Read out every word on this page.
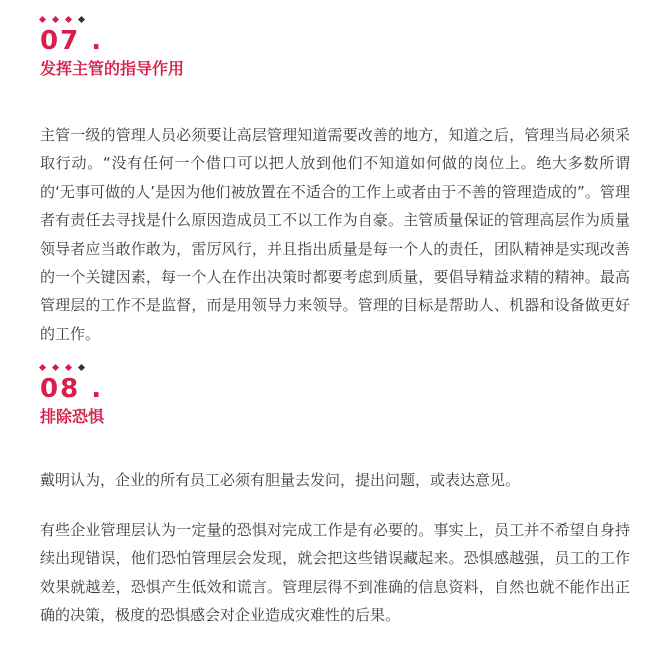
07 .
发挥主管的指导作用

主管一级的管理人员必须要让高层管理知道需要改善的地方，知道之后，管理当局必须采取行动。“没有任何一个借口可以把人放到他们不知道如何做的岗位上。绝大多数所谓的‘无事可做的人’是因为他们被放置在不适合的工作上或者由于不善的管理造成的”。管理者有责任去寻找是什么原因造成员工不以工作为自豪。主管质量保证的管理高层作为质量领导者应当敢作敢为，雷厉风行，并且指出质量是每一个人的责任，团队精神是实现改善的一个关键因素，每一个人在作出决策时都要考虑到质量，要倡导精益求精的精神。最高管理层的工作不是监督，而是用领导力来领导。管理的目标是帮助人、机器和设备做更好的工作。

08 .
排除恐惧

戴明认为，企业的所有员工必须有胆量去发问，提出问题，或表达意见。

有些企业管理层认为一定量的恐惧对完成工作是有必要的。事实上，员工并不希望自身持续出现错误，他们恐怕管理层会发现，就会把这些错误藏起来。恐惧感越强，员工的工作效果就越差，恐惧产生低效和谎言。管理层得不到准确的信息资料，自然也就不能作出正确的决策，极度的恐惧感会对企业造成灾难性的后果。
